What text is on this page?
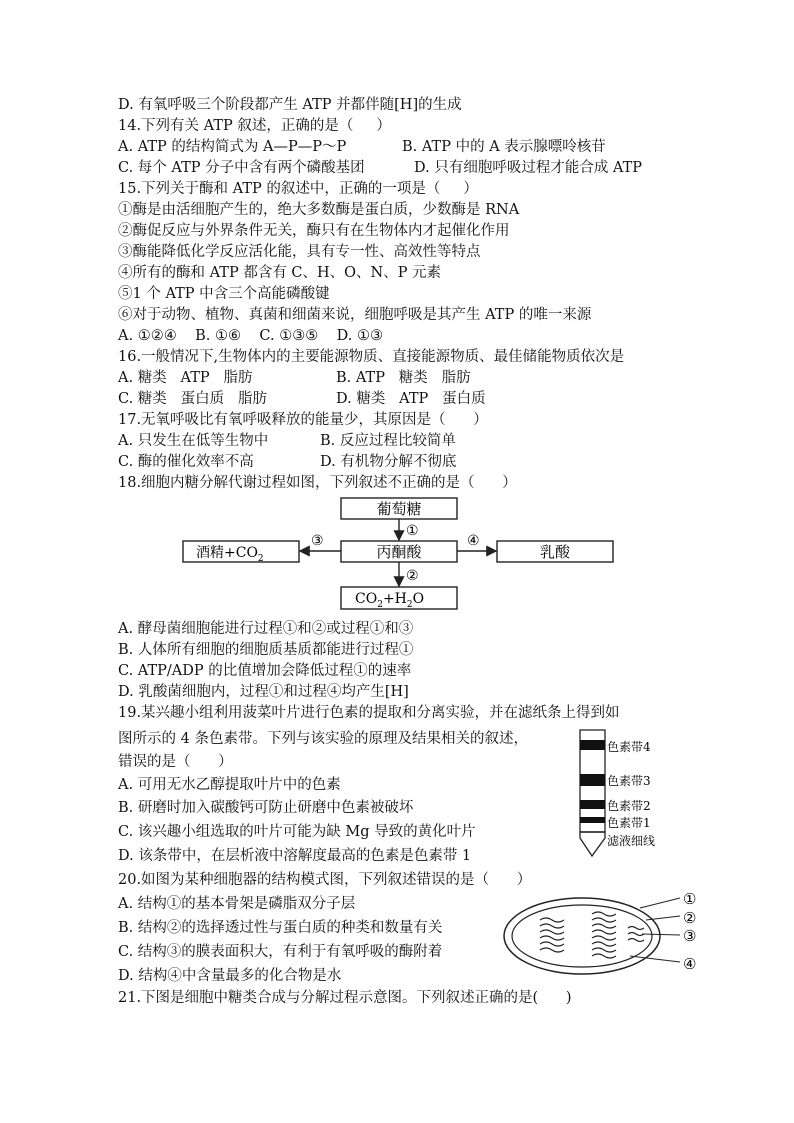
D. 有氧呼吸三个阶段都产生 ATP 并都伴随[H]的生成
14.下列有关 ATP 叙述，正确的是（     ）
A. ATP 的结构简式为 A—P—P～P	B. ATP 中的 A 表示腺嘌呤核苷
C. 每个 ATP 分子中含有两个磷酸基团	D. 只有细胞呼吸过程才能合成 ATP
15.下列关于酶和 ATP 的叙述中，正确的一项是（     ）
①酶是由活细胞产生的，绝大多数酶是蛋白质，少数酶是 RNA
②酶促反应与外界条件无关，酶只有在生物体内才起催化作用
③酶能降低化学反应活化能，具有专一性、高效性等特点
④所有的酶和 ATP 都含有 C、H、O、N、P 元素
⑤1 个 ATP 中含三个高能磷酸键
⑥对于动物、植物、真菌和细菌来说，细胞呼吸是其产生 ATP 的唯一来源
A. ①②④    B. ①⑥    C. ①③⑤    D. ①③
16.一般情况下,生物体内的主要能源物质、直接能源物质、最佳储能物质依次是
A. 糖类   ATP   脂肪	B. ATP   糖类   脂肪
C. 糖类   蛋白质   脂肪	D. 糖类   ATP   蛋白质
17.无氧呼吸比有氧呼吸释放的能量少，其原因是（      ）
A. 只发生在低等生物中	B. 反应过程比较简单
C. 酶的催化效率不高	D. 有机物分解不彻底
18.细胞内糖分解代谢过程如图，下列叙述不正确的是（      ）
葡萄糖
丙酮酸
酒精$+CO_2$	乳酸
$CO_2+H_2O$
①
②
③	④
A. 酵母菌细胞能进行过程①和②或过程①和③
B. 人体所有细胞的细胞质基质都能进行过程①
C. ATP/ADP 的比值增加会降低过程①的速率
D. 乳酸菌细胞内，过程①和过程④均产生[H]
19.某兴趣小组利用菠菜叶片进行色素的提取和分离实验，并在滤纸条上得到如
图所示的 4 条色素带。下列与该实验的原理及结果相关的叙述，
错误的是（      ）
A. 可用无水乙醇提取叶片中的色素
B. 研磨时加入碳酸钙可防止研磨中色素被破坏
C. 该兴趣小组选取的叶片可能为缺 Mg 导致的黄化叶片
D. 该条带中，在层析液中溶解度最高的色素是色素带 1
色素带4
色素带3
色素带2
色素带1
滤液细线
20.如图为某种细胞器的结构模式图，下列叙述错误的是（      ）
A. 结构①的基本骨架是磷脂双分子层
B. 结构②的选择透过性与蛋白质的种类和数量有关
C. 结构③的膜表面积大，有利于有氧呼吸的酶附着
D. 结构④中含量最多的化合物是水
①
②
③
④
21.下图是细胞中糖类合成与分解过程示意图。下列叙述正确的是(      )
